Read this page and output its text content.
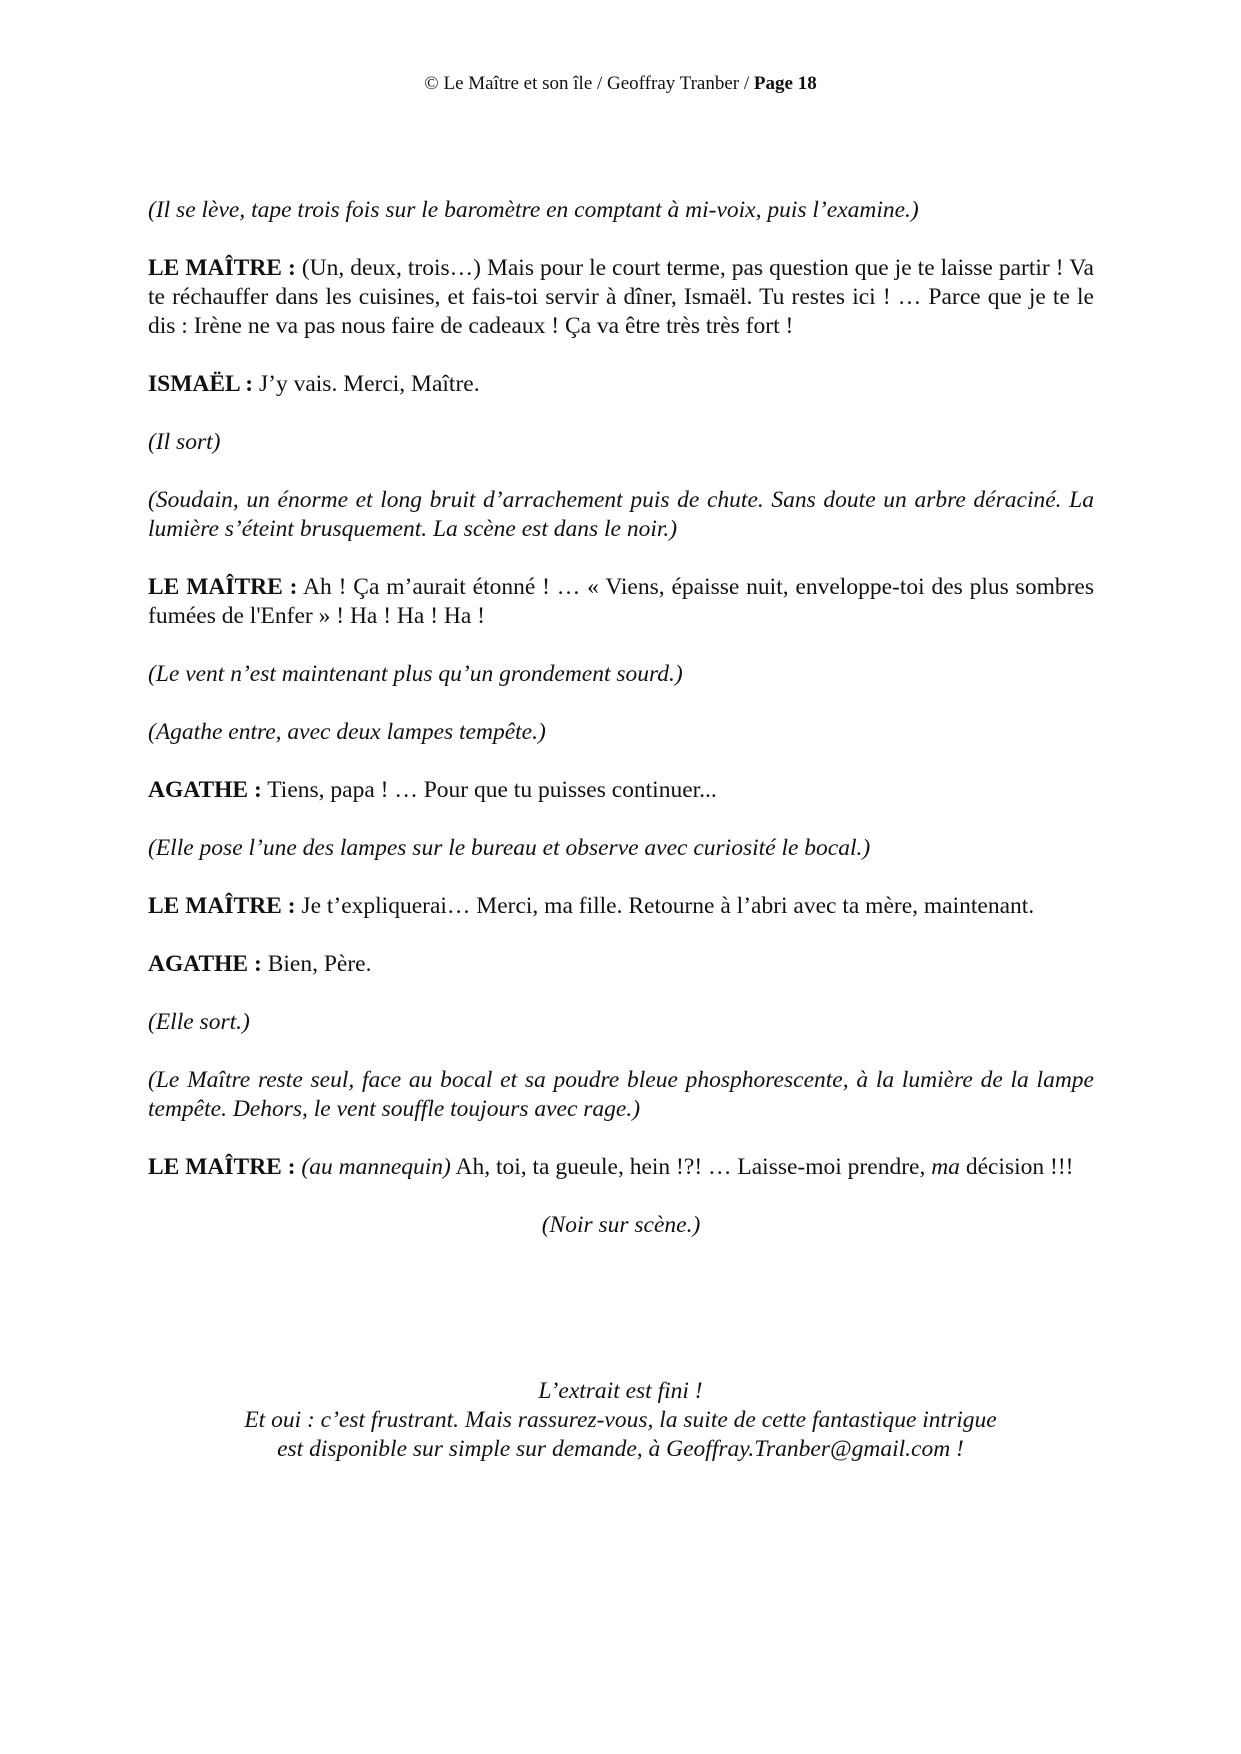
© Le Maître et son île / Geoffray Tranber / Page 18

(Il se lève, tape trois fois sur le baromètre en comptant à mi-voix, puis l’examine.)

LE MAÎTRE : (Un, deux, trois…) Mais pour le court terme, pas question que je te laisse partir ! Va te réchauffer dans les cuisines, et fais-toi servir à dîner, Ismaël. Tu restes ici ! … Parce que je te le dis : Irène ne va pas nous faire de cadeaux ! Ça va être très très fort !

ISMAËL : J’y vais. Merci, Maître.

(Il sort)

(Soudain, un énorme et long bruit d’arrachement puis de chute. Sans doute un arbre déraciné. La lumière s’éteint brusquement. La scène est dans le noir.)

LE MAÎTRE : Ah ! Ça m’aurait étonné ! … « Viens, épaisse nuit, enveloppe-toi des plus sombres fumées de l'Enfer » ! Ha ! Ha ! Ha !

(Le vent n’est maintenant plus qu’un grondement sourd.)

(Agathe entre, avec deux lampes tempête.)

AGATHE : Tiens, papa ! … Pour que tu puisses continuer...

(Elle pose l’une des lampes sur le bureau et observe avec curiosité le bocal.)

LE MAÎTRE : Je t’expliquerai… Merci, ma fille. Retourne à l’abri avec ta mère, maintenant.

AGATHE : Bien, Père.

(Elle sort.)

(Le Maître reste seul, face au bocal et sa poudre bleue phosphorescente, à la lumière de la lampe tempête. Dehors, le vent souffle toujours avec rage.)

LE MAÎTRE : (au mannequin) Ah, toi, ta gueule, hein !?! … Laisse-moi prendre, ma décision !!!

(Noir sur scène.)

L’extrait est fini !
Et oui : c’est frustrant. Mais rassurez-vous, la suite de cette fantastique intrigue
est disponible sur simple sur demande, à Geoffray.Tranber@gmail.com !
